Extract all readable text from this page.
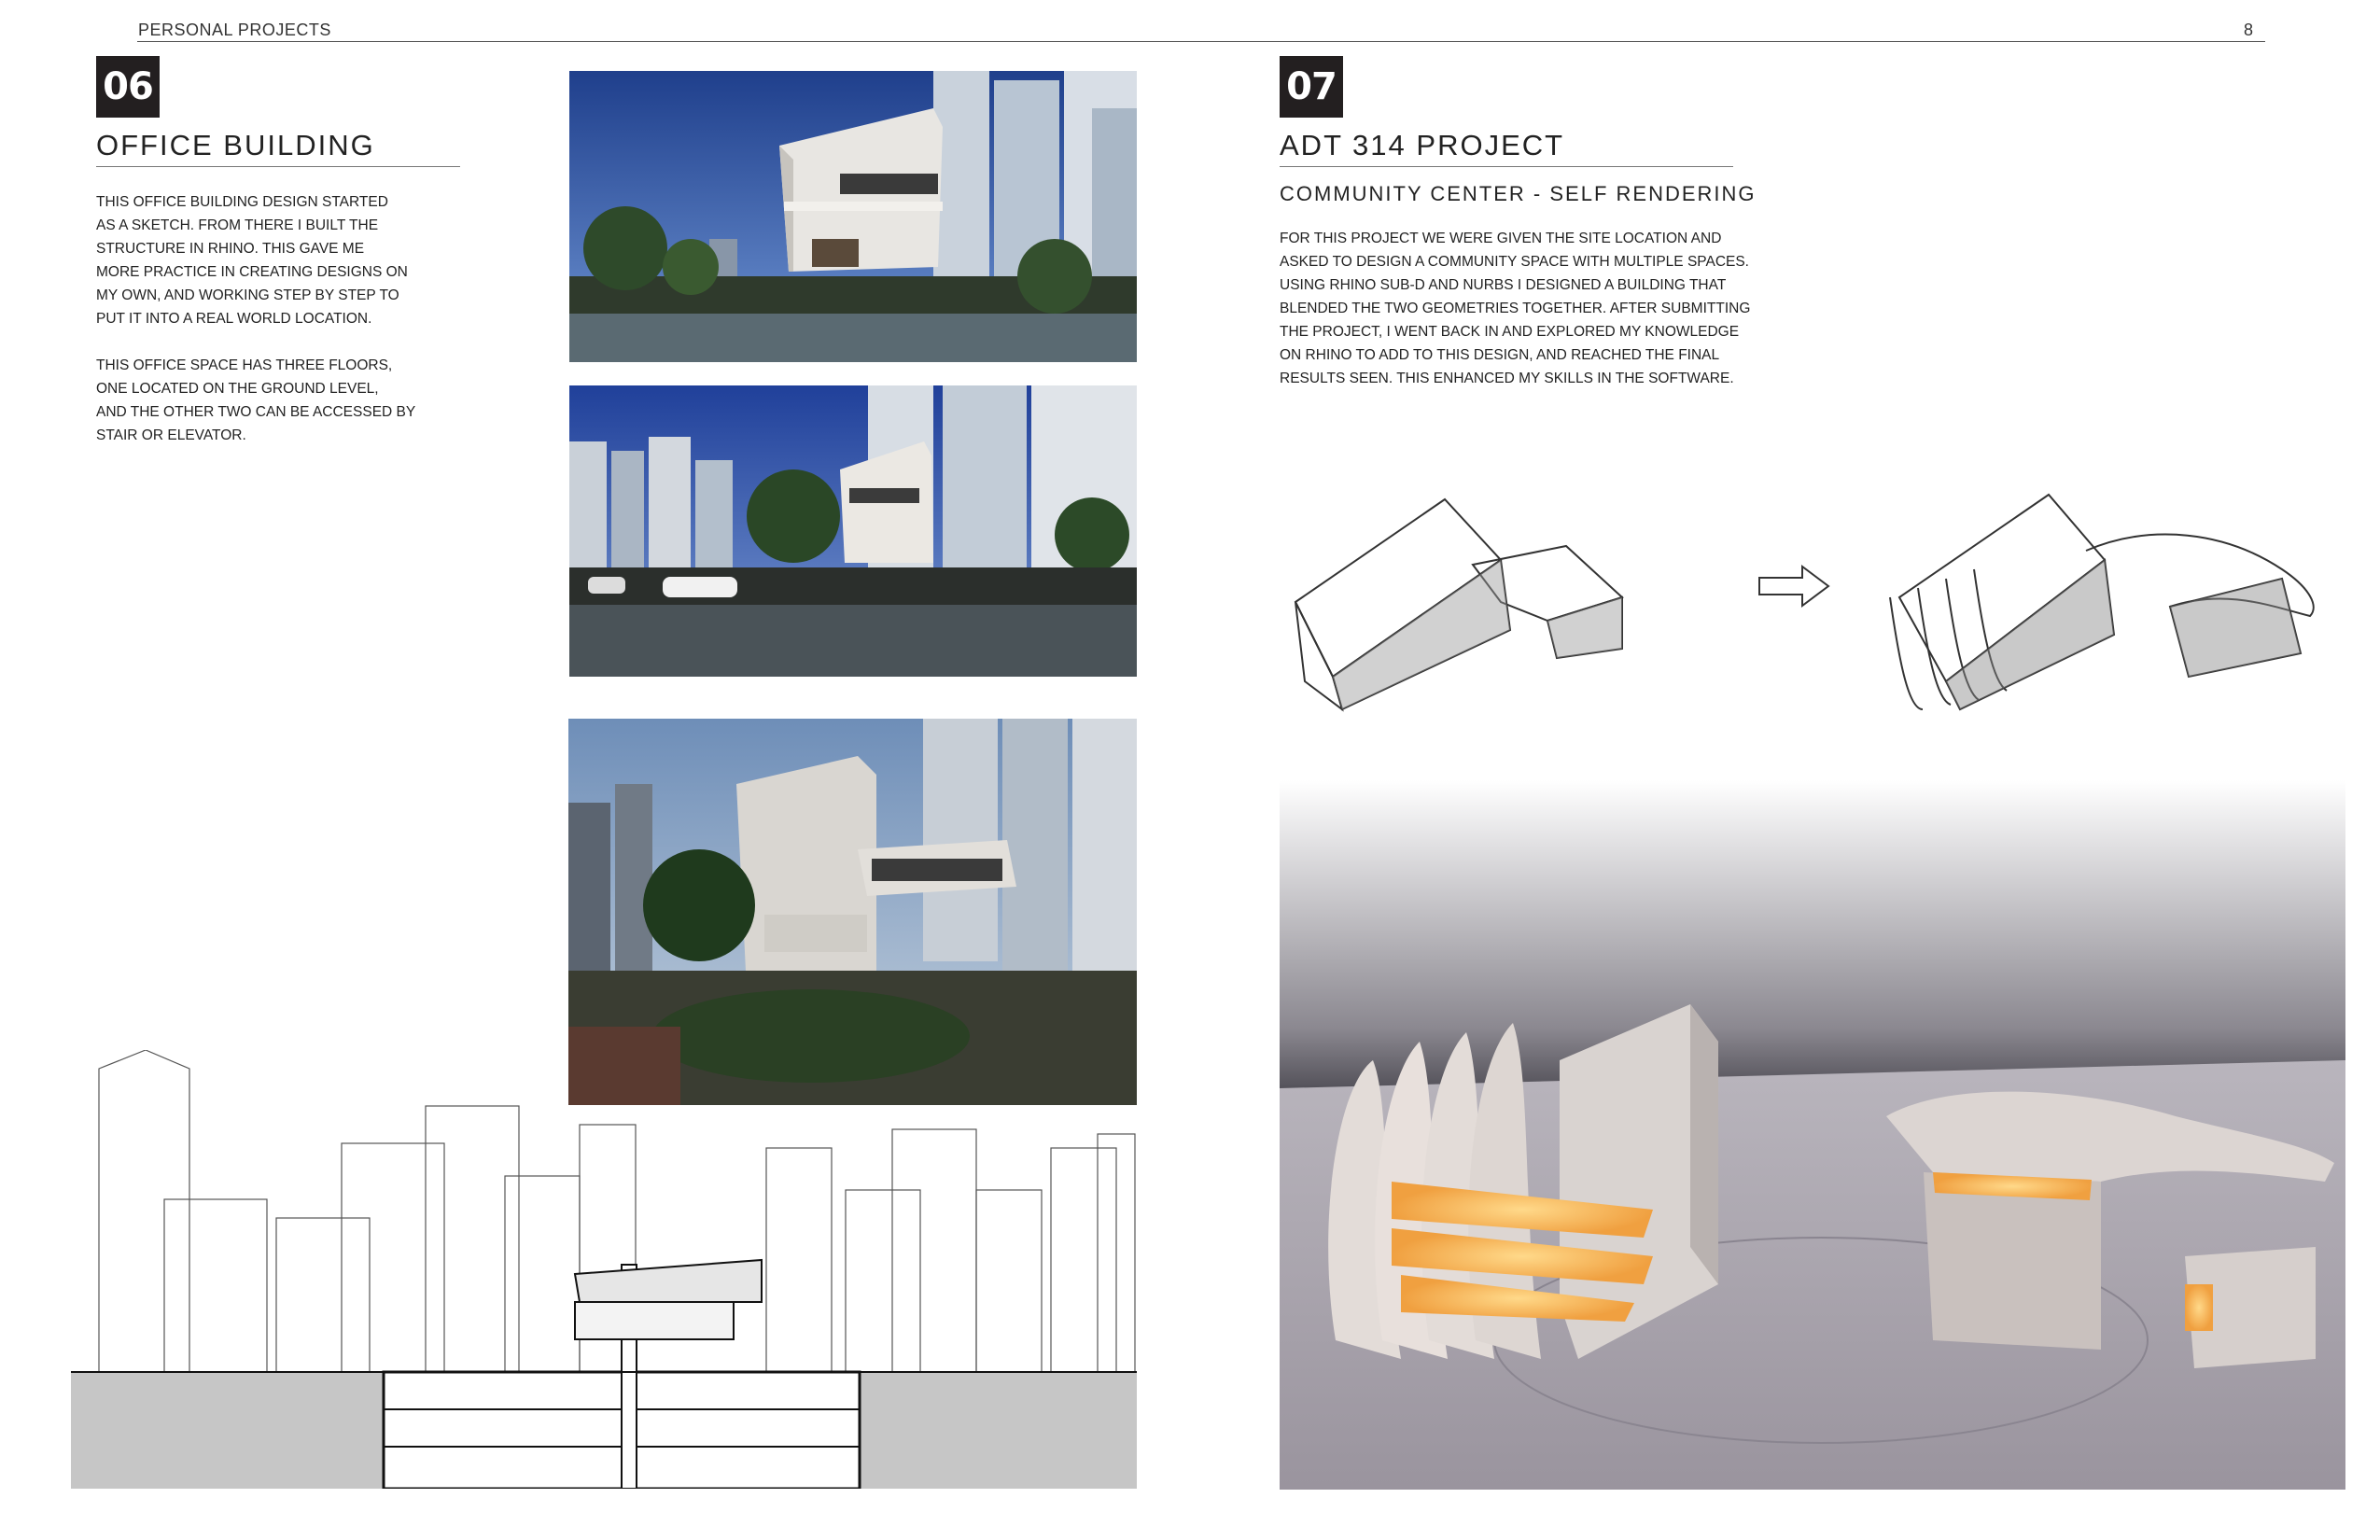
PERSONAL PROJECTS	8
06
OFFICE BUILDING
THIS OFFICE BUILDING DESIGN STARTED
AS A SKETCH. FROM THERE I BUILT THE
STRUCTURE IN RHINO. THIS GAVE ME
MORE PRACTICE IN CREATING DESIGNS ON
MY OWN, AND WORKING STEP BY STEP TO
PUT IT INTO A REAL WORLD LOCATION.
THIS OFFICE SPACE HAS THREE FLOORS,
ONE LOCATED ON THE GROUND LEVEL,
AND THE OTHER TWO CAN BE ACCESSED BY
STAIR OR ELEVATOR.
07
ADT 314 PROJECT
COMMUNITY CENTER - SELF RENDERING
FOR THIS PROJECT WE WERE GIVEN THE SITE LOCATION AND
ASKED TO DESIGN A COMMUNITY SPACE WITH MULTIPLE SPACES.
USING RHINO SUB-D AND NURBS I DESIGNED A BUILDING THAT
BLENDED THE TWO GEOMETRIES TOGETHER. AFTER SUBMITTING
THE PROJECT, I WENT BACK IN AND EXPLORED MY KNOWLEDGE
ON RHINO TO ADD TO THIS DESIGN, AND REACHED THE FINAL
RESULTS SEEN. THIS ENHANCED MY SKILLS IN THE SOFTWARE.
